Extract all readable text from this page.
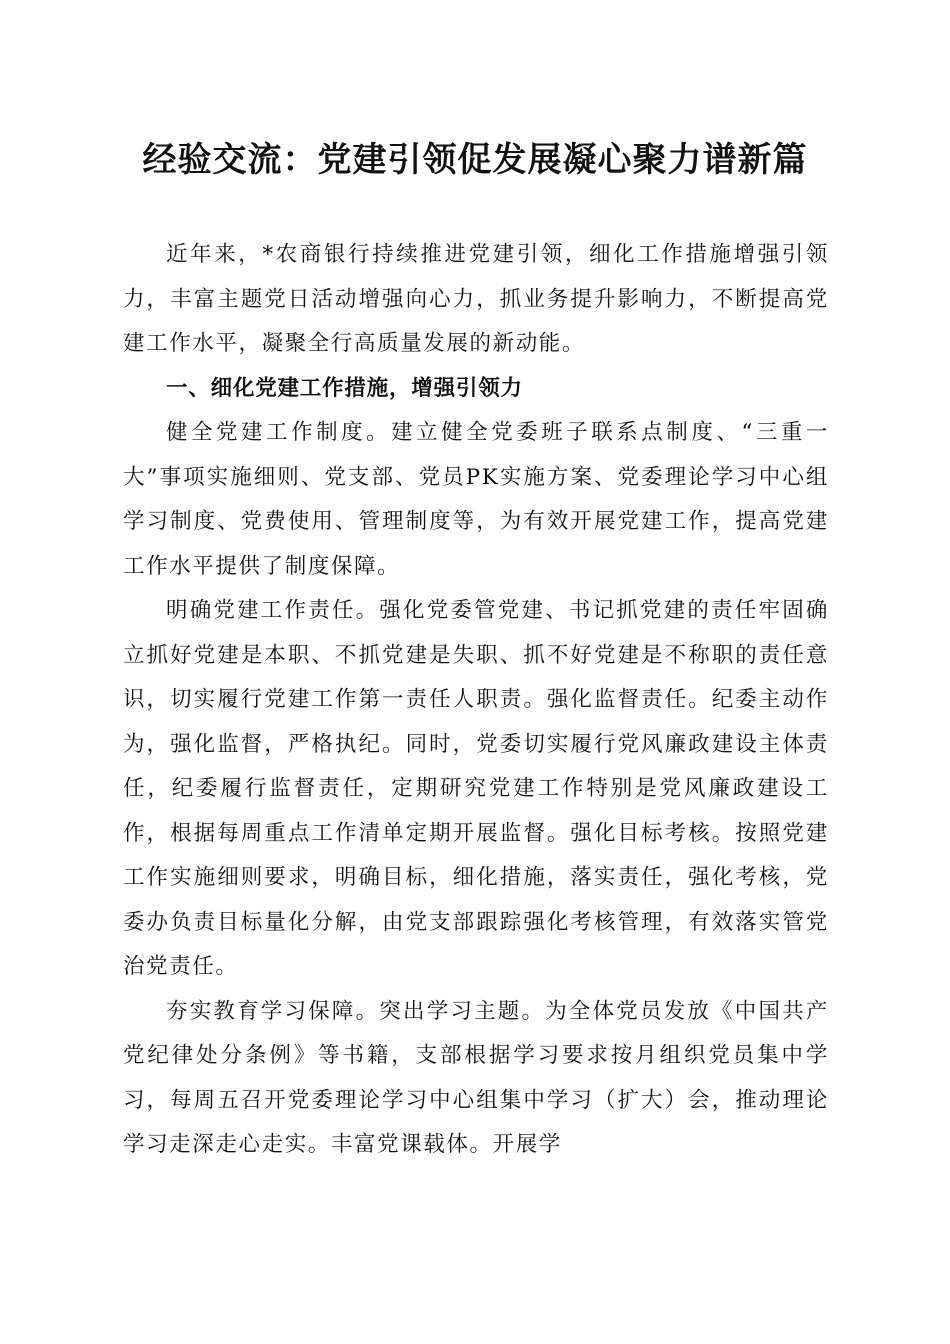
经验交流：党建引领促发展凝心聚力谱新篇

近年来，*农商银行持续推进党建引领，细化工作措施增强引领力，丰富主题党日活动增强向心力，抓业务提升影响力，不断提高党建工作水平，凝聚全行高质量发展的新动能。

一、细化党建工作措施，增强引领力

健全党建工作制度。建立健全党委班子联系点制度、“三重一大”事项实施细则、党支部、党员PK实施方案、党委理论学习中心组学习制度、党费使用、管理制度等，为有效开展党建工作，提高党建工作水平提供了制度保障。

明确党建工作责任。强化党委管党建、书记抓党建的责任牢固确立抓好党建是本职、不抓党建是失职、抓不好党建是不称职的责任意识，切实履行党建工作第一责任人职责。强化监督责任。纪委主动作为，强化监督，严格执纪。同时，党委切实履行党风廉政建设主体责任，纪委履行监督责任，定期研究党建工作特别是党风廉政建设工作，根据每周重点工作清单定期开展监督。强化目标考核。按照党建工作实施细则要求，明确目标，细化措施，落实责任，强化考核，党委办负责目标量化分解，由党支部跟踪强化考核管理，有效落实管党治党责任。

夯实教育学习保障。突出学习主题。为全体党员发放《中国共产党纪律处分条例》等书籍，支部根据学习要求按月组织党员集中学习，每周五召开党委理论学习中心组集中学习（扩大）会，推动理论学习走深走心走实。丰富党课载体。开展学
